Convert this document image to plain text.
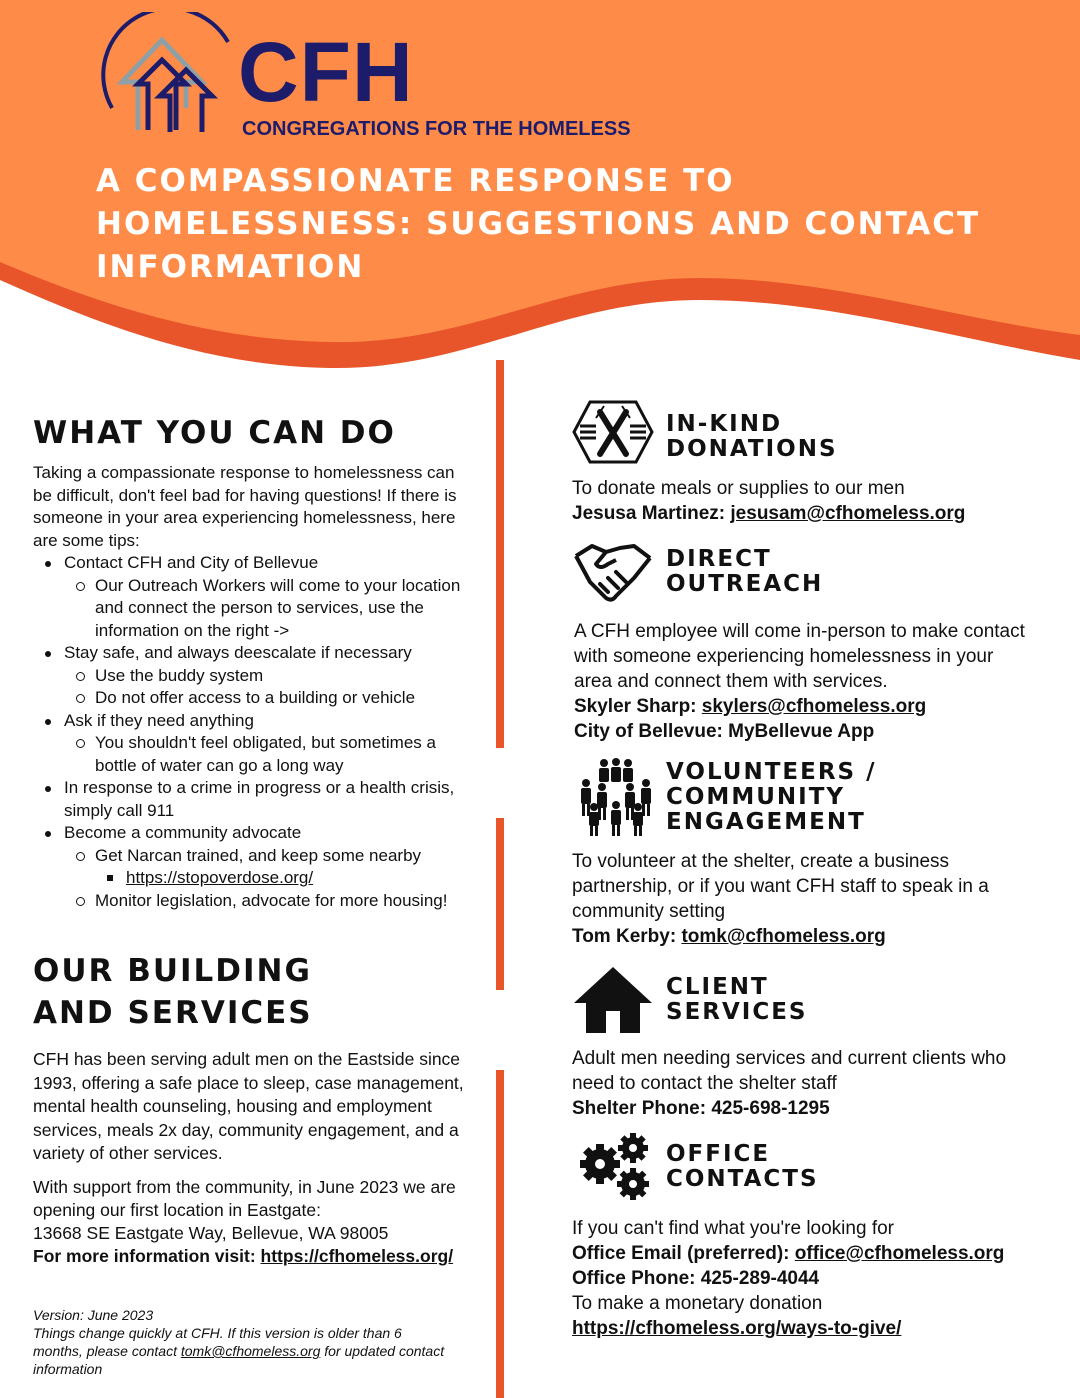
CFH
CONGREGATIONS FOR THE HOMELESS
A COMPASSIONATE RESPONSE TO HOMELESSNESS: SUGGESTIONS AND CONTACT INFORMATION
WHAT YOU CAN DO

Taking a compassionate response to homelessness can be difficult, don't feel bad for having questions! If there is someone in your area experiencing homelessness, here are some tips:

Contact CFH and City of Bellevue
Our Outreach Workers will come to your location and connect the person to services, use the information on the right ->
Stay safe, and always deescalate if necessary
Use the buddy system
Do not offer access to a building or vehicle
Ask if they need anything
You shouldn't feel obligated, but sometimes a bottle of water can go a long way
In response to a crime in progress or a health crisis, simply call 911
Become a community advocate
Get Narcan trained, and keep some nearby
https://stopoverdose.org/
Monitor legislation, advocate for more housing!
OUR BUILDING
AND SERVICES

CFH has been serving adult men on the Eastside since 1993, offering a safe place to sleep, case management, mental health counseling, housing and employment services, meals 2x day, community engagement, and a variety of other services.

With support from the community, in June 2023 we are opening our first location in Eastgate:

13668 SE Eastgate Way, Bellevue, WA 98005

For more information visit: https://cfhomeless.org/

Version: June 2023
Things change quickly at CFH. If this version is older than 6 months, please contact tomk@cfhomeless.org for updated contact information
IN-KIND
DONATIONS
To donate meals or supplies to our men
Jesusa Martinez: jesusam@cfhomeless.org
DIRECT
OUTREACH
A CFH employee will come in-person to make contact with someone experiencing homelessness in your area and connect them with services.
Skyler Sharp: skylers@cfhomeless.org
City of Bellevue: MyBellevue App
VOLUNTEERS /
COMMUNITY
ENGAGEMENT
To volunteer at the shelter, create a business partnership, or if you want CFH staff to speak in a community setting
Tom Kerby: tomk@cfhomeless.org
CLIENT
SERVICES
Adult men needing services and current clients who need to contact the shelter staff
Shelter Phone: 425-698-1295
OFFICE
CONTACTS
If you can't find what you're looking for
Office Email (preferred): office@cfhomeless.org
Office Phone: 425-289-4044
To make a monetary donation
https://cfhomeless.org/ways-to-give/
